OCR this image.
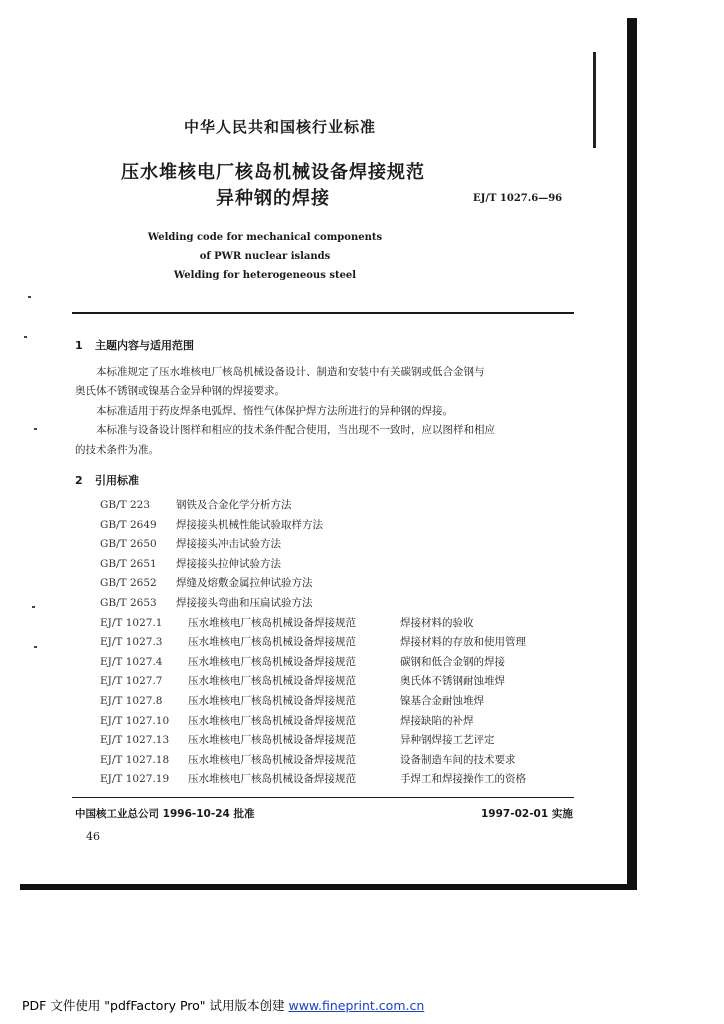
中华人民共和国核行业标准
压水堆核电厂核岛机械设备焊接规范
异种钢的焊接	EJ/T 1027.6—96
Welding code for mechanical components
of PWR nuclear islands
Welding for heterogeneous steel
1 主题内容与适用范围
本标准规定了压水堆核电厂核岛机械设备设计、制造和安装中有关碳钢或低合金钢与
奥氏体不锈钢或镍基合金异种钢的焊接要求。
本标准适用于药皮焊条电弧焊、惰性气体保护焊方法所进行的异种钢的焊接。
本标准与设备设计图样和相应的技术条件配合使用，当出现不一致时，应以图样和相应
的技术条件为准。
2 引用标准
GB/T 223 钢铁及合金化学分析方法
GB/T 2649 焊接接头机械性能试验取样方法
GB/T 2650 焊接接头冲击试验方法
GB/T 2651 焊接接头拉伸试验方法
GB/T 2652 焊缝及熔敷金属拉伸试验方法
GB/T 2653 焊接接头弯曲和压扁试验方法
EJ/T 1027.1 压水堆核电厂核岛机械设备焊接规范	焊接材料的验收
EJ/T 1027.3 压水堆核电厂核岛机械设备焊接规范	焊接材料的存放和使用管理
EJ/T 1027.4 压水堆核电厂核岛机械设备焊接规范	碳钢和低合金钢的焊接
EJ/T 1027.7 压水堆核电厂核岛机械设备焊接规范	奥氏体不锈钢耐蚀堆焊
EJ/T 1027.8 压水堆核电厂核岛机械设备焊接规范	镍基合金耐蚀堆焊
EJ/T 1027.10 压水堆核电厂核岛机械设备焊接规范	焊接缺陷的补焊
EJ/T 1027.13 压水堆核电厂核岛机械设备焊接规范	异种钢焊接工艺评定
EJ/T 1027.18 压水堆核电厂核岛机械设备焊接规范	设备制造车间的技术要求
EJ/T 1027.19 压水堆核电厂核岛机械设备焊接规范	手焊工和焊接操作工的资格
中国核工业总公司 1996-10-24 批准	1997-02-01 实施
46
PDF 文件使用 "pdfFactory Pro" 试用版本创建 www.fineprint.com.cn
